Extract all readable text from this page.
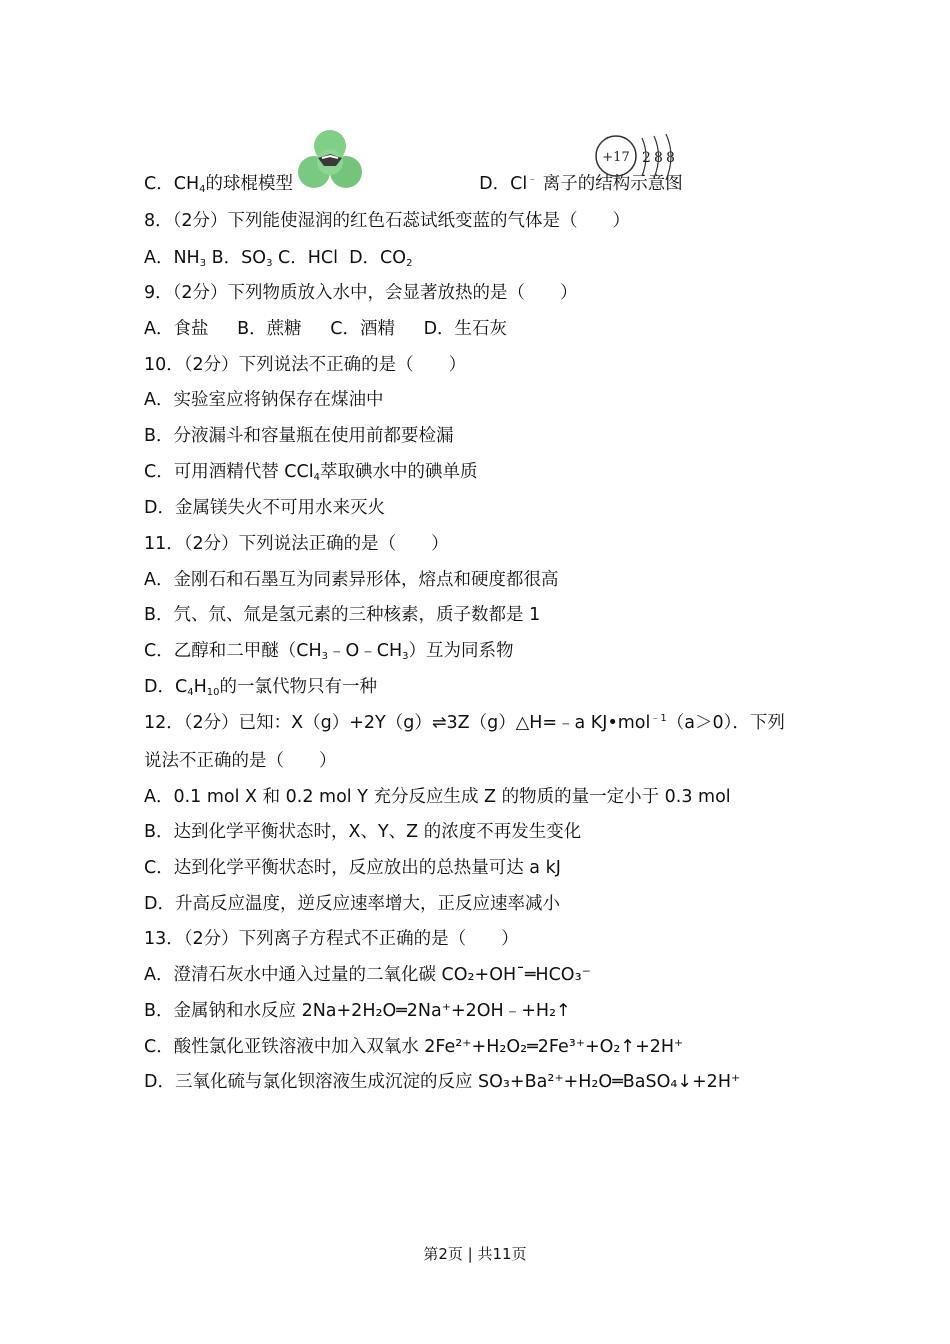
C．$CH_4$的球棍模型	D．Cl﹣ 离子的结构示意图
+17 2 8 8
8．（2分）下列能使湿润的红色石蕊试纸变蓝的气体是（　　）
A．$NH_3$ B．$SO_3$ C．HCl  D．$CO_2$
9．（2分）下列物质放入水中，会显著放热的是（　　）
A．食盐　  B．蔗糖　  C．酒精　  D．生石灰
10．（2分）下列说法不正确的是（　　）
A．实验室应将钠保存在煤油中
B．分液漏斗和容量瓶在使用前都要检漏
C．可用酒精代替 CCl$_4$萃取碘水中的碘单质
D．金属镁失火不可用水来灭火
11．（2分）下列说法正确的是（　　）
A．金刚石和石墨互为同素异形体，熔点和硬度都很高
B．氕、氘、氚是氢元素的三种核素，质子数都是 1
C．乙醇和二甲醚$(CH_3﹣O﹣CH_3)$互为同系物
D．$C_4H_{10}$的一氯代物只有一种
12．（2分）已知：X（g）+2Y（g）⇌3Z（g）△H=﹣a KJ•mol$^{﹣1}$（a＞0）．下列
说法不正确的是（　　）
A．0.1 mol X 和 0.2 mol Y 充分反应生成 Z 的物质的量一定小于 0.3 mol
B．达到化学平衡状态时，X、Y、Z 的浓度不再发生变化
C．达到化学平衡状态时，反应放出的总热量可达 a kJ
D．升高反应温度，逆反应速率增大，正反应速率减小
13．（2分）下列离子方程式不正确的是（　　）
A．澄清石灰水中通入过量的二氧化碳 CO₂+OH¯═HCO₃⁻
B．金属钠和水反应 2Na+2H₂O═2Na⁺+2OH﹣+H₂↑
C．酸性氯化亚铁溶液中加入双氧水 2Fe²⁺+H₂O₂═2Fe³⁺+O₂↑+2H⁺
D．三氧化硫与氯化钡溶液生成沉淀的反应 SO₃+Ba²⁺+H₂O═BaSO₄↓+2H⁺
第2页 | 共11页
